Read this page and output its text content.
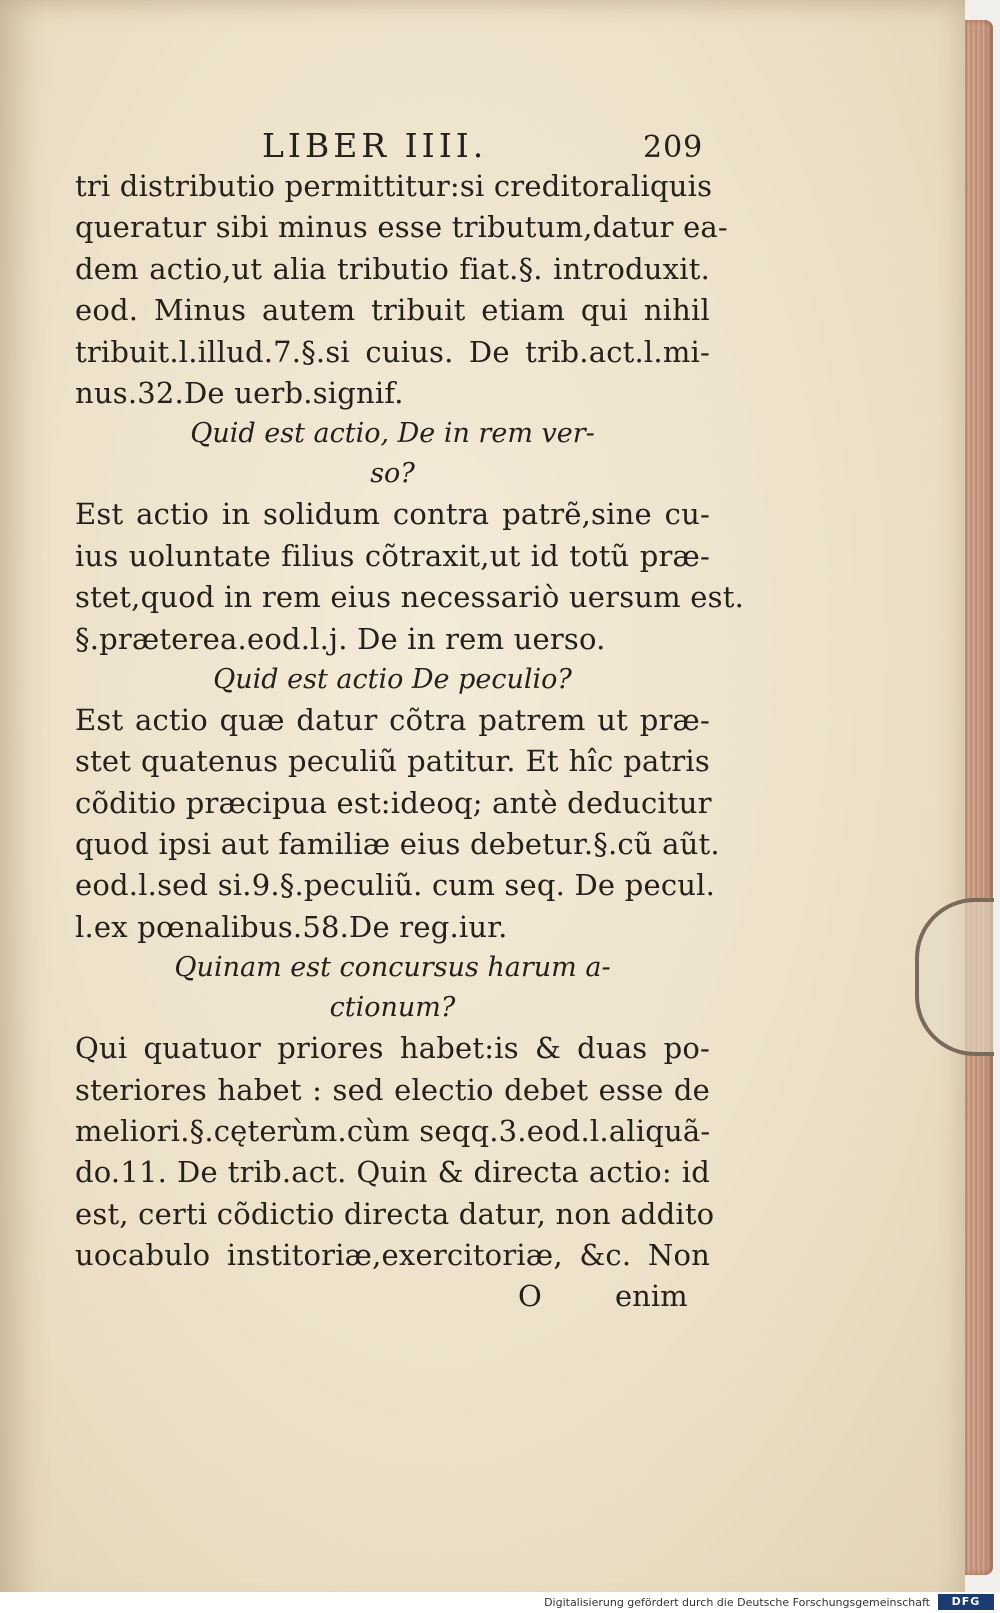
LIBER IIII.	209
tri distributio permittitur:si creditoraliquis
queratur sibi minus esse tributum,datur ea-
dem actio,ut alia tributio fiat.§. introduxit.
eod. Minus autem tribuit etiam qui nihil
tribuit.l.illud.7.§.si cuius. De trib.act.l.mi-
nus.32.De uerb.signif.
Quid est actio, De in rem ver-
so?
Est actio in solidum contra patrẽ,sine cu-
ius uoluntate filius cõtraxit,ut id totũ præ-
stet,quod in rem eius necessariò uersum est.
§.præterea.eod.l.j. De in rem uerso.
Quid est actio De peculio?
Est actio quæ datur cõtra patrem ut præ-
stet quatenus peculiũ patitur. Et hîc patris
cõditio præcipua est:ideoq; antè deducitur
quod ipsi aut familiæ eius debetur.§.cũ aũt.
eod.l.sed si.9.§.peculiũ. cum seq. De pecul.
l.ex pœnalibus.58.De reg.iur.
Quinam est concursus harum a-
ctionum?
Qui quatuor priores habet:is & duas po-
steriores habet : sed electio debet esse de
meliori.§.cęterùm.cùm seqq.3.eod.l.aliquã-
do.11. De trib.act. Quin & directa actio: id
est, certi cõdictio directa datur, non addito
uocabulo institoriæ,exercitoriæ, &c. Non
O	enim
Digitalisierung gefördert durch die Deutsche Forschungsgemeinschaft	DFG
